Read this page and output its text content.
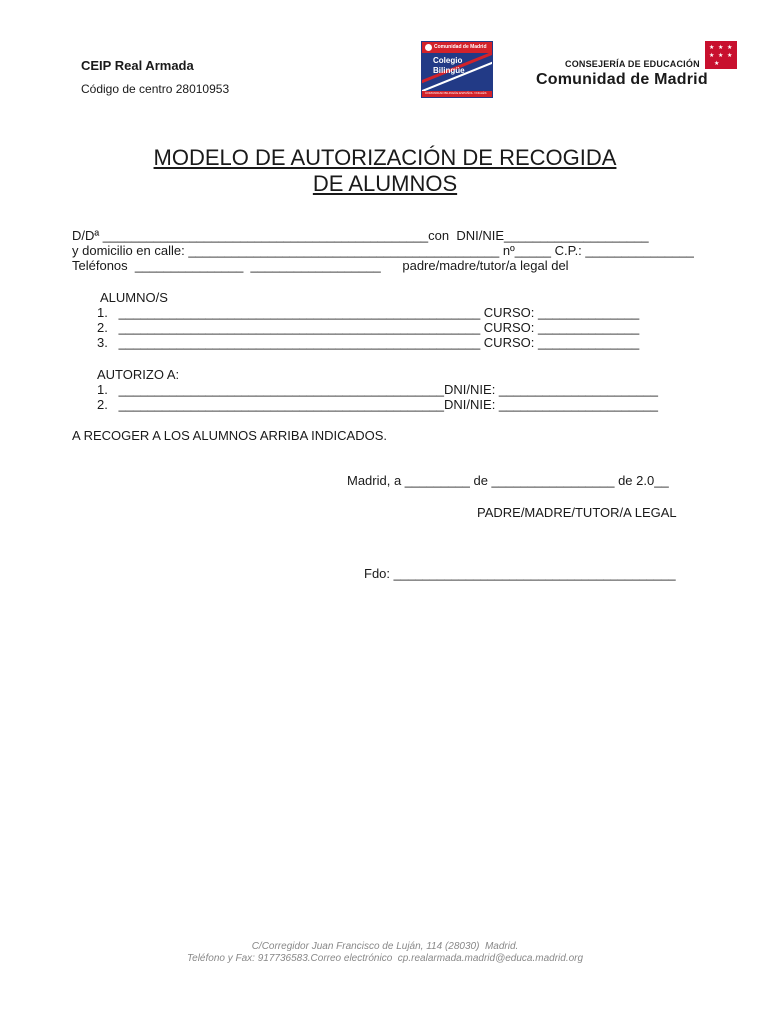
CEIP Real Armada
Código de centro 28010953
Comunidad de Madrid
Colegio
Bilingüe
COMUNIDAD BILINGÜE ESPAÑOL / INGLÉS
CONSEJERÍA DE EDUCACIÓN
★ ★ ★
★ ★ ★
★
Comunidad de Madrid
MODELO DE AUTORIZACIÓN DE RECOGIDA
DE ALUMNOS
D/Dª _____________________________________________con  DNI/NIE____________________
y domicilio en calle: ___________________________________________ nº_____ C.P.: _______________
Teléfonos  _______________  __________________      padre/madre/tutor/a legal del
ALUMNO/S
1.   __________________________________________________ CURSO: ______________
2.   __________________________________________________ CURSO: ______________
3.   __________________________________________________ CURSO: ______________
AUTORIZO A:
1.   _____________________________________________DNI/NIE: ______________________
2.   _____________________________________________DNI/NIE: ______________________
A RECOGER A LOS ALUMNOS ARRIBA INDICADOS.
Madrid, a _________ de _________________ de 2.0__
PADRE/MADRE/TUTOR/A LEGAL
Fdo: _______________________________________
C/Corregidor Juan Francisco de Luján, 114 (28030)  Madrid.
Teléfono y Fax: 917736583.Correo electrónico  cp.realarmada.madrid@educa.madrid.org
